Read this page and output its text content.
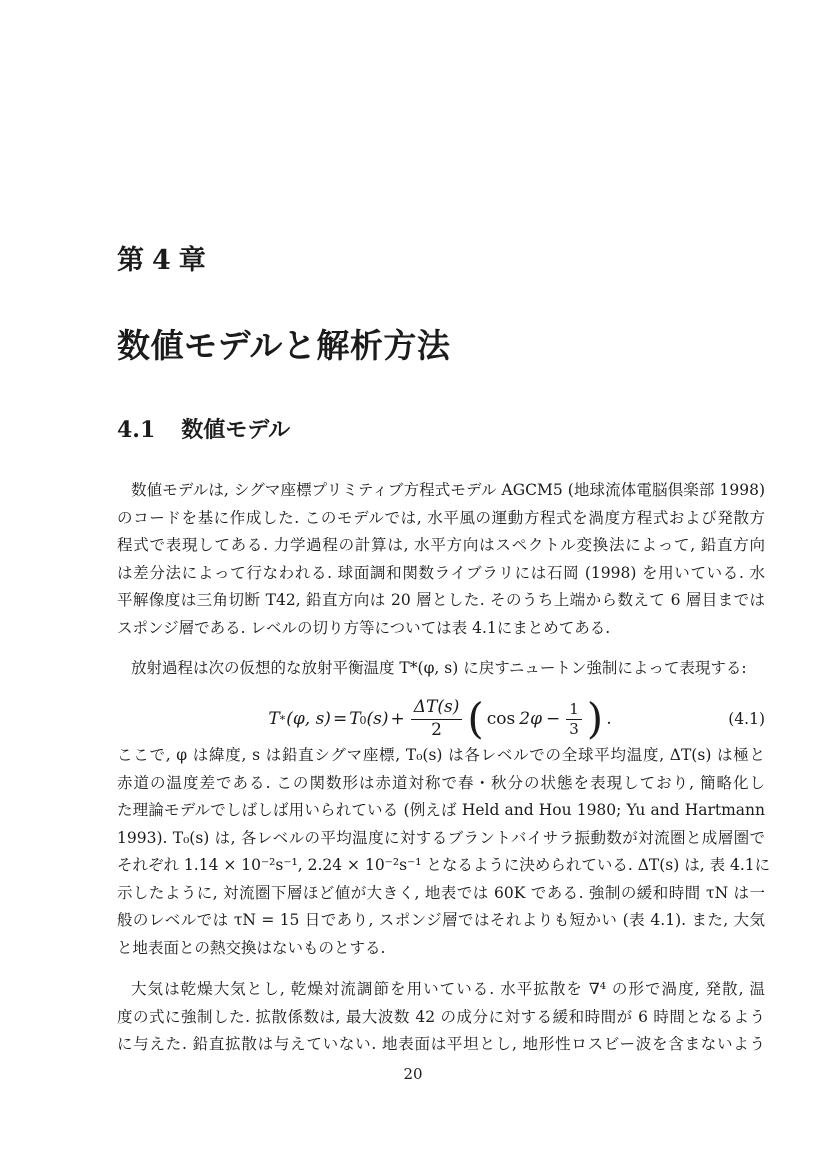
第 4 章
数値モデルと解析方法
4.1 数値モデル
数値モデルは, シグマ座標プリミティブ方程式モデル AGCM5 (地球流体電脳倶楽部 1998)
のコードを基に作成した. このモデルでは, 水平風の運動方程式を渦度方程式および発散方
程式で表現してある. 力学過程の計算は, 水平方向はスペクトル変換法によって, 鉛直方向
は差分法によって行なわれる. 球面調和関数ライブラリには石岡 (1998) を用いている. 水
平解像度は三角切断 T42, 鉛直方向は 20 層とした. そのうち上端から数えて 6 層目までは
スポンジ層である. レベルの切り方等については表 4.1にまとめてある.
放射過程は次の仮想的な放射平衡温度 T*(φ, s) に戻すニュートン強制によって表現する:
T ∗ (φ, s) = T 0 $(s) + \frac{\Delta T(s)}{2}$ ( $\cos 2\varphi - \frac{1}{3}$ ) .	(4.1)
ここで, φ は緯度, s は鉛直シグマ座標, T₀(s) は各レベルでの全球平均温度, ΔT(s) は極と
赤道の温度差である. この関数形は赤道対称で春・秋分の状態を表現しており, 簡略化し
た理論モデルでしばしば用いられている (例えば Held and Hou 1980; Yu and Hartmann
1993). T₀(s) は, 各レベルの平均温度に対するブラントバイサラ振動数が対流圏と成層圏で
それぞれ 1.14 × 10⁻²s⁻¹, 2.24 × 10⁻²s⁻¹ となるように決められている. ΔT(s) は, 表 4.1に
示したように, 対流圏下層ほど値が大きく, 地表では 60K である. 強制の緩和時間 τN は一
般のレベルでは τN = 15 日であり, スポンジ層ではそれよりも短かい (表 4.1). また, 大気
と地表面との熱交換はないものとする.
大気は乾燥大気とし, 乾燥対流調節を用いている. 水平拡散を ∇⁴ の形で渦度, 発散, 温
度の式に強制した. 拡散係数は, 最大波数 42 の成分に対する緩和時間が 6 時間となるよう
に与えた. 鉛直拡散は与えていない. 地表面は平坦とし, 地形性ロスビー波を含まないよう
20
